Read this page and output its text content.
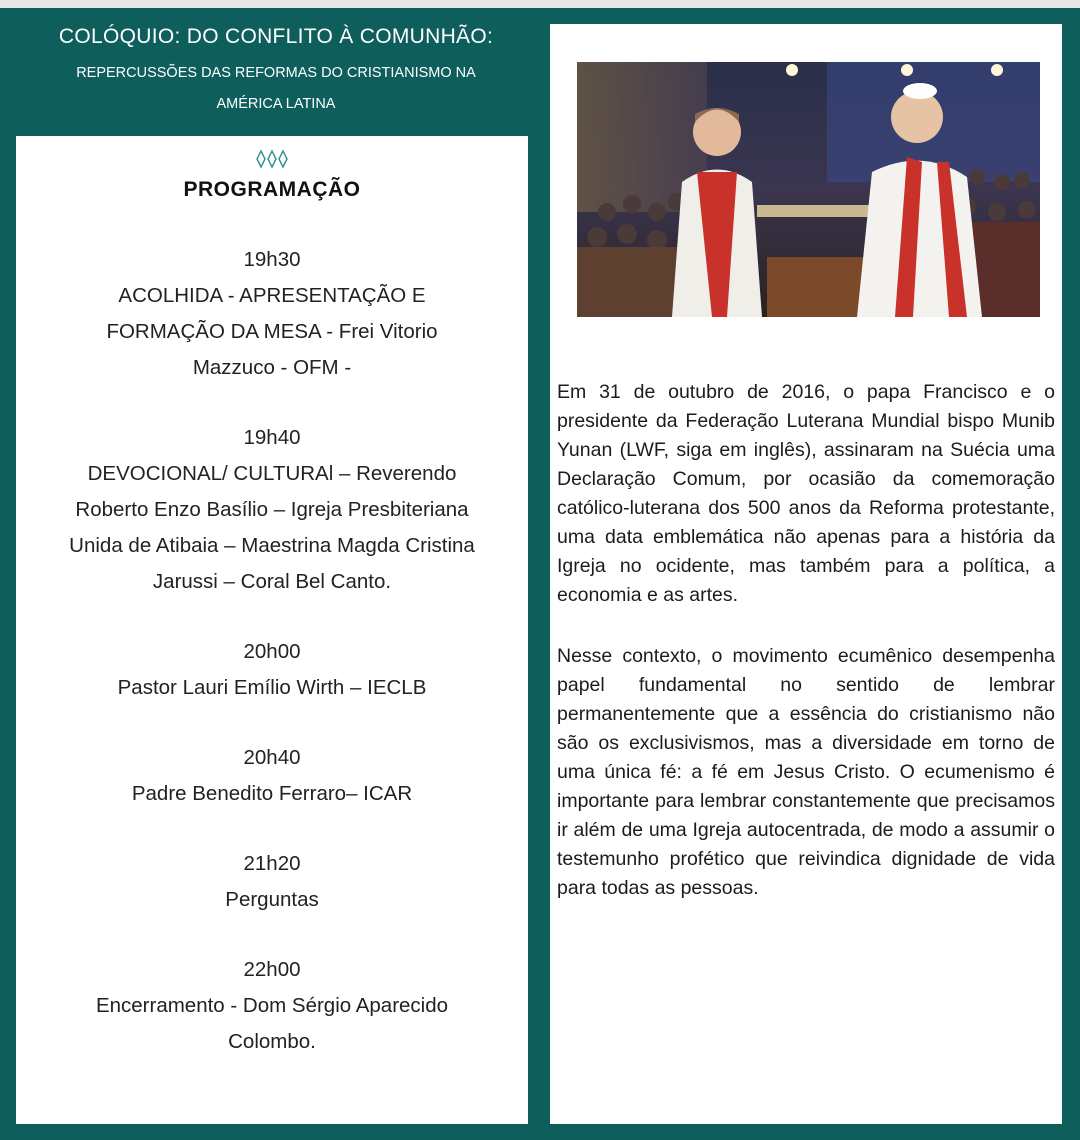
COLÓQUIO: DO CONFLITO À COMUNHÃO:
REPERCUSSÕES DAS REFORMAS DO CRISTIANISMO NA
AMÉRICA LATINA
PROGRAMAÇÃO
19h30
ACOLHIDA - APRESENTAÇÃO E
FORMAÇÃO DA MESA - Frei Vitorio
Mazzuco - OFM -
19h40
DEVOCIONAL/ CULTURAl – Reverendo
Roberto Enzo Basílio – Igreja Presbiteriana
Unida de Atibaia – Maestrina Magda Cristina
Jarussi – Coral Bel Canto.
20h00
Pastor Lauri Emílio Wirth – IECLB
20h40
Padre Benedito Ferraro– ICAR
21h20
Perguntas
22h00
Encerramento - Dom Sérgio Aparecido
Colombo.

Em 31 de outubro de 2016, o papa Francisco e o presidente da Federação Luterana Mundial bispo Munib Yunan (LWF, siga em inglês), assinaram na Suécia uma Declaração Comum, por ocasião da comemoração católico-luterana dos 500 anos da Reforma protestante, uma data emblemática não apenas para a história da Igreja no ocidente, mas também para a política, a economia e as artes.

Nesse contexto, o movimento ecumênico desempenha papel fundamental no sentido de lembrar permanentemente que a essência do cristianismo não são os exclusivismos, mas a diversidade em torno de uma única fé: a fé em Jesus Cristo. O ecumenismo é importante para lembrar constantemente que precisamos ir além de uma Igreja autocentrada, de modo a assumir o testemunho profético que reivindica dignidade de vida para todas as pessoas.
